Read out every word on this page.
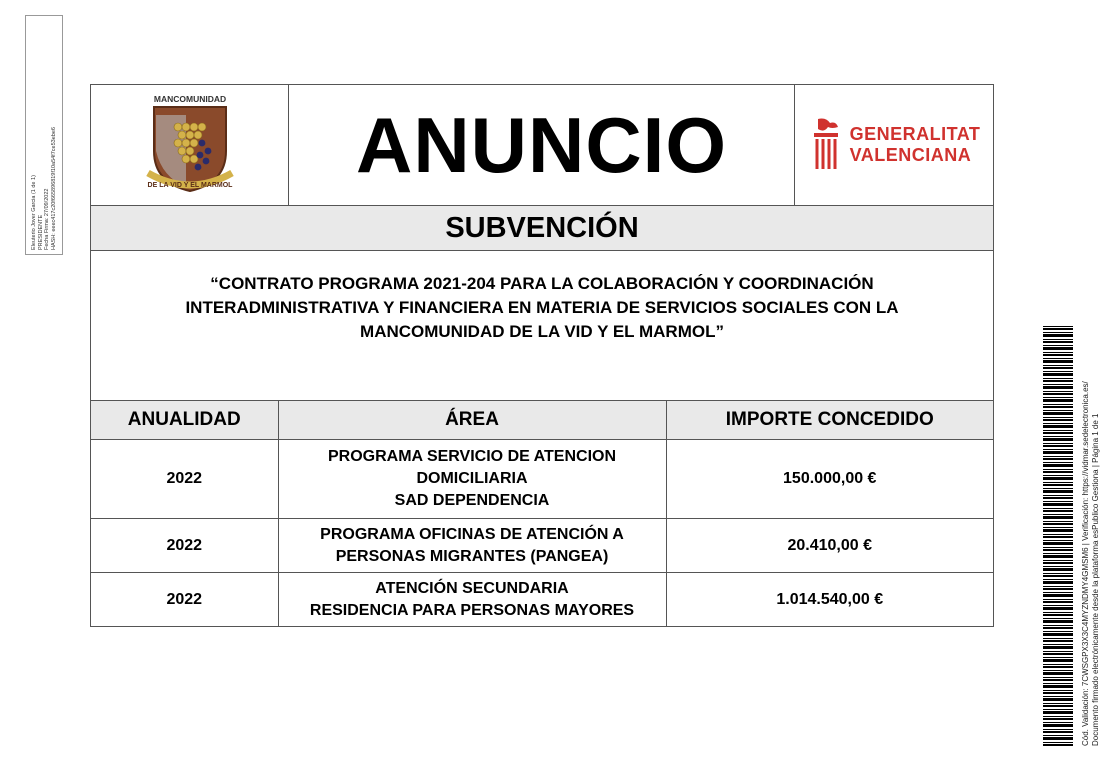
Eleuterio Jover Garcia (1 de 1)
PRESIDENTE
Fecha Firma: 27/09/2022
HASH: eeec417c20f665896819f10a54f7ce53ebe6
MANCOMUNIDAD
DE LA VID Y EL MARMOL ANUNCIO	GENERALITAT
VALENCIANA
SUBVENCIÓN

“CONTRATO PROGRAMA 2021-204 PARA LA COLABORACIÓN Y COORDINACIÓN INTERADMINISTRATIVA Y FINANCIERA EN MATERIA DE SERVICIOS SOCIALES CON LA MANCOMUNIDAD DE LA VID Y EL MARMOL”

ANUALIDAD	ÁREA	IMPORTE CONCEDIDO
2022	PROGRAMA SERVICIO DE ATENCION
DOMICILIARIA
SAD DEPENDENCIA	150.000,00 €
2022	PROGRAMA OFICINAS DE ATENCIÓN A
PERSONAS MIGRANTES (PANGEA)	20.410,00 €
2022	ATENCIÓN SECUNDARIA
RESIDENCIA PARA PERSONAS MAYORES	1.014.540,00 €	Cód. Validación: 7CWSGPX3X3C4MYZNDMY4GMSM6 | Verificación: https://vidmar.sedelectronica.es/ Documento firmado electrónicamente desde la plataforma esPublico Gestiona | Página 1 de 1
